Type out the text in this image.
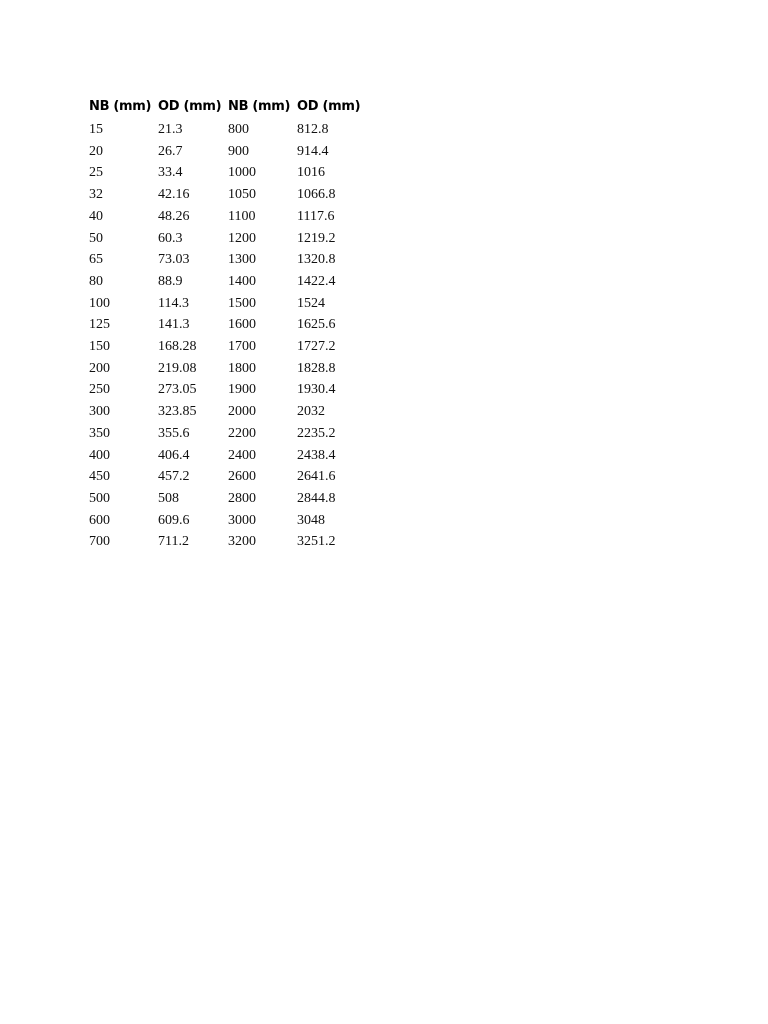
NB (mm)	OD (mm)	NB (mm)	OD (mm)
15	21.3	800	812.8
20	26.7	900	914.4
25	33.4	1000	1016
32	42.16	1050	1066.8
40	48.26	1100	1117.6
50	60.3	1200	1219.2
65	73.03	1300	1320.8
80	88.9	1400	1422.4
100	114.3	1500	1524
125	141.3	1600	1625.6
150	168.28	1700	1727.2
200	219.08	1800	1828.8
250	273.05	1900	1930.4
300	323.85	2000	2032
350	355.6	2200	2235.2
400	406.4	2400	2438.4
450	457.2	2600	2641.6
500	508	2800	2844.8
600	609.6	3000	3048
700	711.2	3200	3251.2
